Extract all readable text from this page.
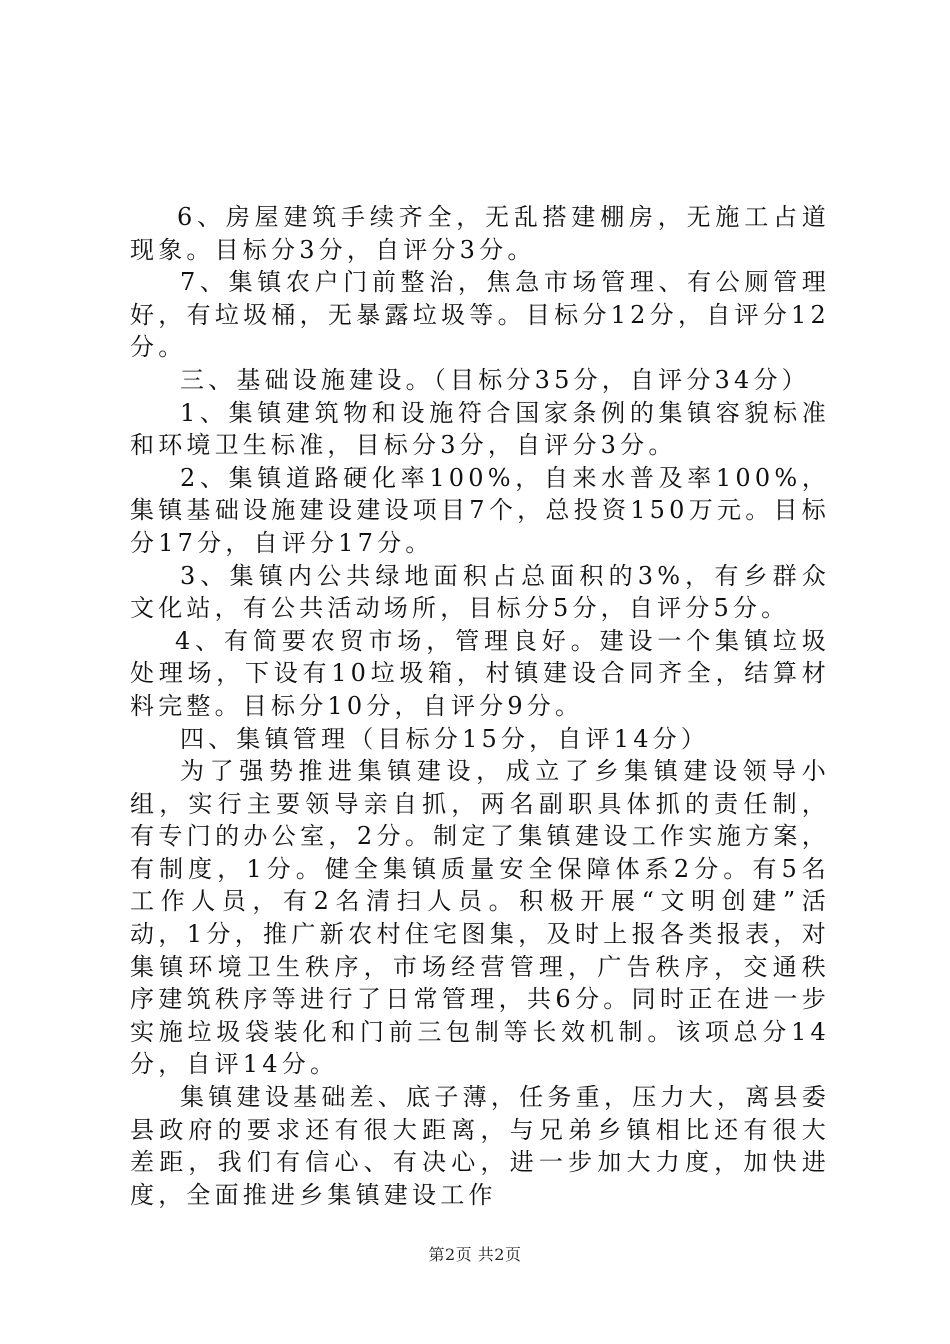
6、房屋建筑手续齐全，无乱搭建棚房，无施工占道现象。目标分3分，自评分3分。

7、集镇农户门前整治，焦急市场管理、有公厕管理好，有垃圾桶，无暴露垃圾等。目标分12分，自评分12分。

三、基础设施建设。（目标分35分，自评分34分）

1、集镇建筑物和设施符合国家条例的集镇容貌标准和环境卫生标准，目标分3分，自评分3分。

2、集镇道路硬化率100%，自来水普及率100%，集镇基础设施建设建设项目7个，总投资150万元。目标分17分，自评分17分。

3、集镇内公共绿地面积占总面积的3%，有乡群众文化站，有公共活动场所，目标分5分，自评分5分。

4、有简要农贸市场，管理良好。建设一个集镇垃圾处理场，下设有10垃圾箱，村镇建设合同齐全，结算材料完整。目标分10分，自评分9分。

四、集镇管理（目标分15分，自评14分）

为了强势推进集镇建设，成立了乡集镇建设领导小组，实行主要领导亲自抓，两名副职具体抓的责任制，有专门的办公室，2分。制定了集镇建设工作实施方案，有制度，1分。健全集镇质量安全保障体系2分。有5名工作人员，有2名清扫人员。积极开展“文明创建”活动，1分，推广新农村住宅图集，及时上报各类报表，对集镇环境卫生秩序，市场经营管理，广告秩序，交通秩序建筑秩序等进行了日常管理，共6分。同时正在进一步实施垃圾袋装化和门前三包制等长效机制。该项总分14分，自评14分。

集镇建设基础差、底子薄，任务重，压力大，离县委县政府的要求还有很大距离，与兄弟乡镇相比还有很大差距，我们有信心、有决心，进一步加大力度，加快进度，全面推进乡集镇建设工作

第2页 共2页
